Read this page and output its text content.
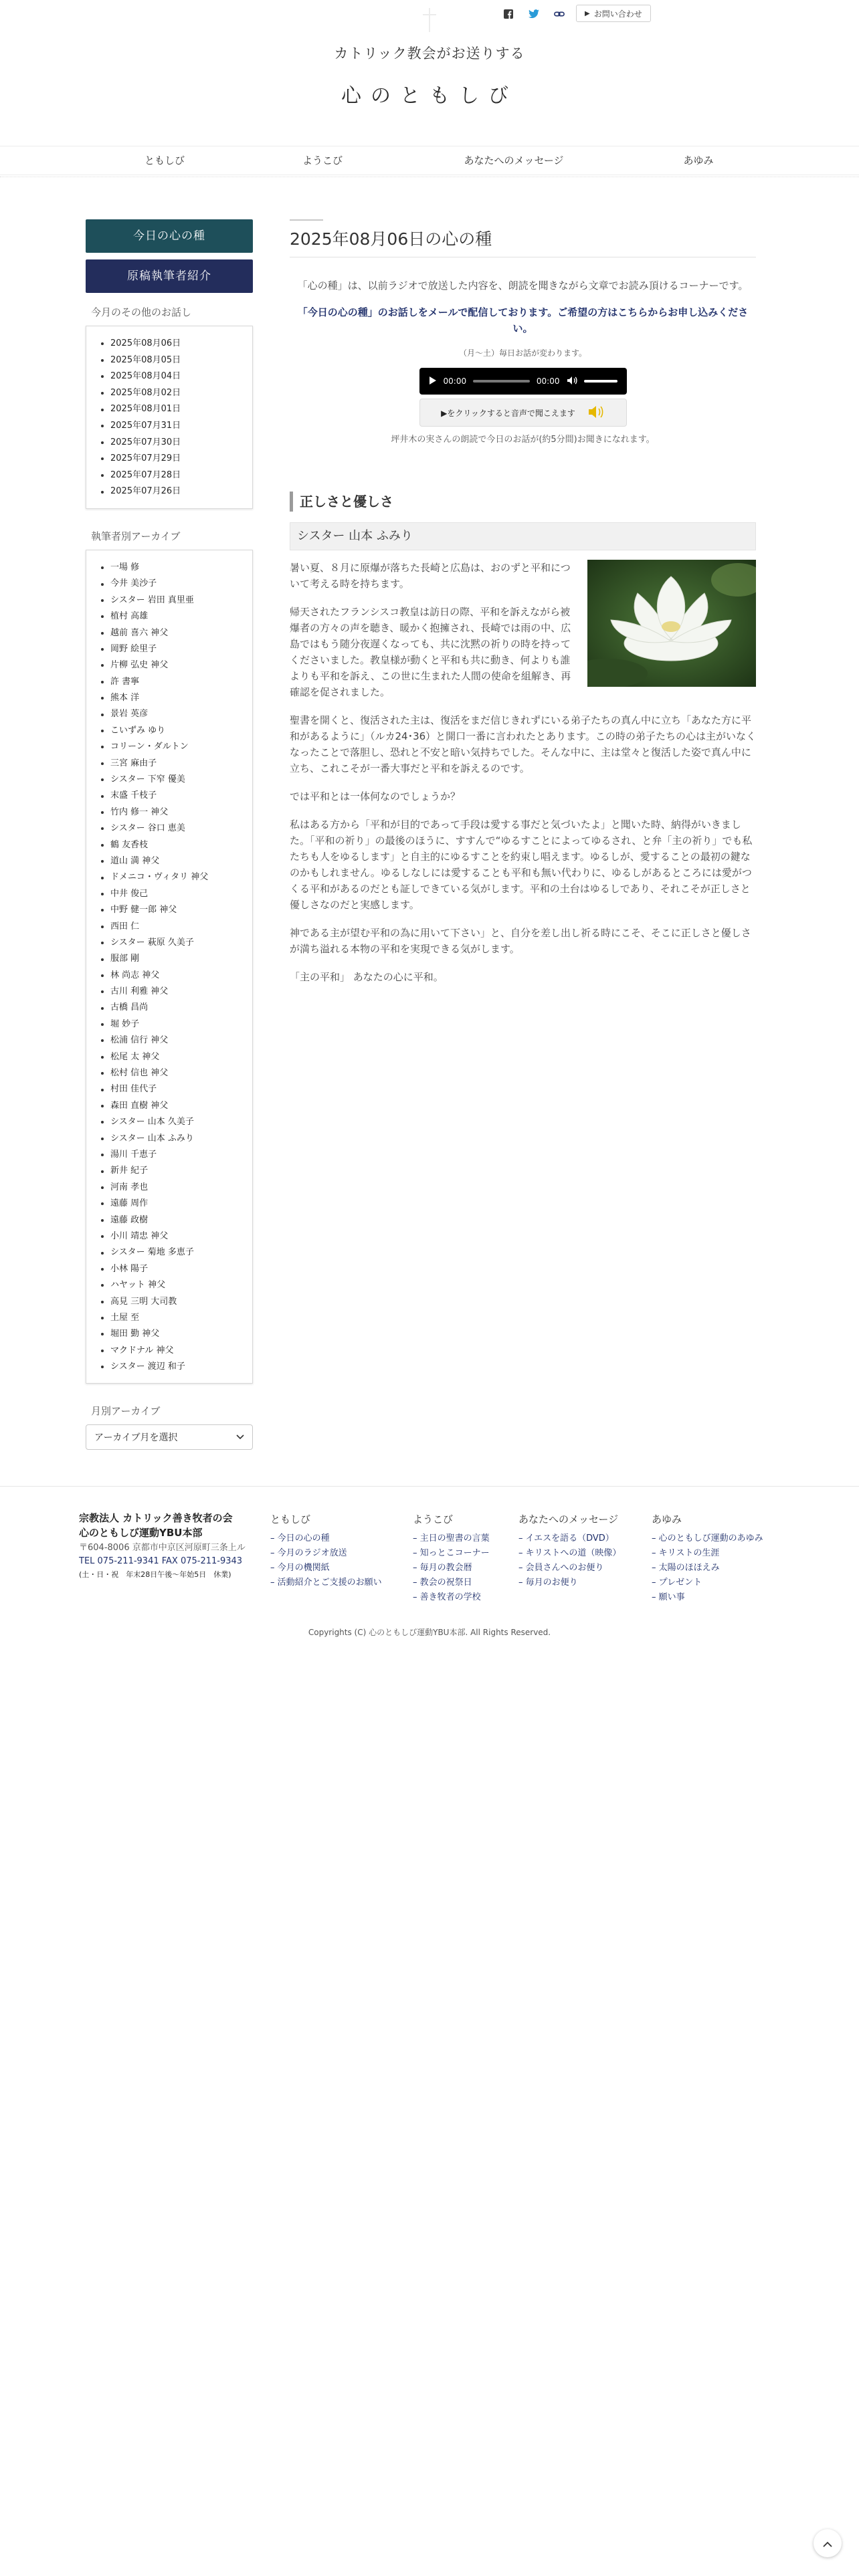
▶ お問い合わせ
カトリック教会がお送りする
心のともしび
ともしび	ようこび	あなたへのメッセージ	あゆみ
今日の心の種
原稿執筆者紹介
今月のその他のお話し
2025年08月06日
2025年08月05日
2025年08月04日
2025年08月02日
2025年08月01日
2025年07月31日
2025年07月30日
2025年07月29日
2025年07月28日
2025年07月26日
執筆者別アーカイブ
一場 修
今井 美沙子
シスター 岩田 真里亜
植村 高雄
越前 喜六 神父
岡野 絵里子
片柳 弘史 神父
許 書寧
熊本 洋
景岩 英彦
こいずみ ゆり
コリーン・ダルトン
三宮 麻由子
シスター 下窄 優美
末盛 千枝子
竹内 修一 神父
シスター 谷口 恵美
鶴 友香枝
道山 満 神父
ドメニコ・ヴィタリ 神父
中井 俊己
中野 健一郎 神父
西田 仁
シスター 萩原 久美子
服部 剛
林 尚志 神父
古川 利雅 神父
古橋 昌尚
堀 妙子
松浦 信行 神父
松尾 太 神父
松村 信也 神父
村田 佳代子
森田 直樹 神父
シスター 山本 久美子
シスター 山本 ふみり
湯川 千恵子
新井 紀子
河南 孝也
遠藤 周作
遠藤 政樹
小川 靖忠 神父
シスター 菊地 多恵子
小林 陽子
ハヤット 神父
高見 三明 大司教
土屋 至
堀田 勤 神父
マクドナル 神父
シスター 渡辺 和子
月別アーカイブ
アーカイブ月を選択
2025年08月06日の心の種

「心の種」は、以前ラジオで放送した内容を、朗読を聞きながら文章でお読み頂けるコーナーです。

「今日の心の種」のお話しをメールで配信しております。ご希望の方はこちらからお申し込みください。

（月〜土）毎日お話が変わります。

00:00	00:00
▶をクリックすると音声で聞こえます

坪井木の実さんの朗読で今日のお話が(約5分間)お聞きになれます。

正しさと優しさ
シスター 山本 ふみり

暑い夏、８月に原爆が落ちた長崎と広島は、おのずと平和について考える時を持ちます。

帰天されたフランシスコ教皇は訪日の際、平和を訴えながら被爆者の方々の声を聴き、暖かく抱擁され、長崎では雨の中、広島ではもう随分夜遅くなっても、共に沈黙の祈りの時を持ってくださいました。教皇様が動くと平和も共に動き、何よりも誰よりも平和を訴え、この世に生まれた人間の使命を組解き、再確認を促されました。

聖書を開くと、復活された主は、復活をまだ信じきれずにいる弟子たちの真ん中に立ち「あなた方に平和があるように」（ルカ24･36）と開口一番に言われたとあります。この時の弟子たちの心は主がいなくなったことで落胆し、恐れと不安と暗い気持ちでした。そんな中に、主は堂々と復活した姿で真ん中に立ち、これこそが一番大事だと平和を訴えるのです。

では平和とは一体何なのでしょうか？

私はある方から「平和が目的であって手段は愛する事だと気づいたよ」と聞いた時、納得がいきました。「平和の祈り」の最後のほうに、すすんで“ゆるすことによってゆるされ、と弁「主の祈り」でも私たちも人をゆるします」と自主的にゆるすことを約束し唱えます。ゆるしが、愛することの最初の鍵なのかもしれません。ゆるしなしには愛することも平和も無い代わりに、ゆるしがあるところには愛がつくる平和があるのだとも証しできている気がします。平和の土台はゆるしであり、それこそが正しさと優しさなのだと実感します。

神である主が望む平和の為に用いて下さい」と、自分を差し出し祈る時にこそ、そこに正しさと優しさが満ち溢れる本物の平和を実現できる気がします。

「主の平和」 あなたの心に平和。

宗教法人 カトリック善き牧者の会
心のともしび運動YBU本部
〒604-8006 京都市中京区河原町三条上ル
TEL 075-211-9341 FAX 075-211-9343
(土・日・祝　年末28日午後〜年始5日　休業)
ともしび
– 今日の心の種
– 今月のラジオ放送
– 今月の機関紙
– 活動紹介とご支援のお願い
ようこび
– 主日の聖書の言葉
– 知っとこコーナー
– 毎月の教会暦
– 教会の祝祭日
– 善き牧者の学校
あなたへのメッセージ
– イエスを語る（DVD）
– キリストへの道（映像）
– 会員さんへのお便り
– 毎月のお便り
あゆみ
– 心のともしび運動のあゆみ
– キリストの生涯
– 太陽のほほえみ
– プレゼント
– 願い事
Copyrights (C) 心のともしび運動YBU本部. All Rights Reserved.
